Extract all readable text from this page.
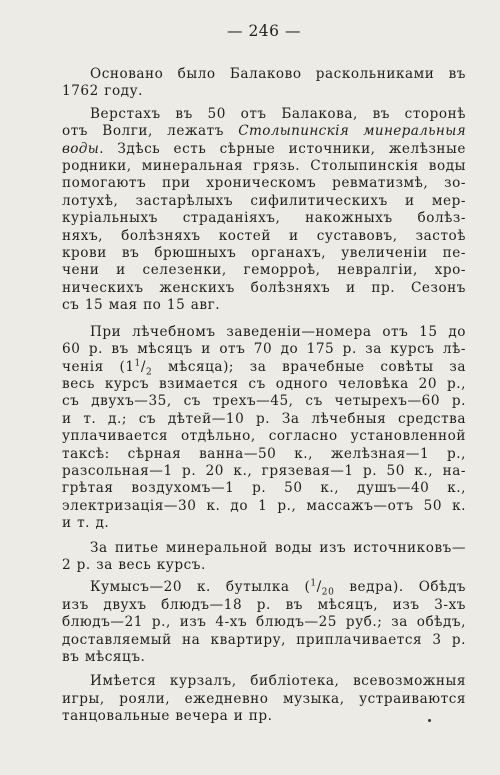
— 246 —

Основано было Балаково раскольниками въ
1762 году.

Верстахъ въ 50 отъ Балакова, въ сторонѣ
отъ Волги, лежатъ Столыпинскія минеральныя
воды. Здѣсь есть сѣрные источники, желѣзные
родники, минеральная грязь. Столыпинскія воды
помогаютъ при хроническомъ ревматизмѣ, зо-
лотухѣ, застарѣлыхъ сифилитическихъ и мер-
куріальныхъ страданіяхъ, накожныхъ болѣз-
няхъ, болѣзняхъ костей и суставовъ, застоѣ
крови въ брюшныхъ органахъ, увеличеніи пе-
чени и селезенки, геморроѣ, невралгіи, хро-
ническихъ женскихъ болѣзняхъ и пр. Сезонъ
съ 15 мая по 15 авг.

При лѣчебномъ заведеніи—номера отъ 15 до
60 р. въ мѣсяцъ и отъ 70 до 175 р. за курсъ лѣ-
ченія ($1^1/_2$ мѣсяца); за врачебные совѣты за
весь курсъ взимается съ одного человѣка 20 р.,
съ двухъ—35, съ трехъ—45, съ четырехъ—60 р.
и т. д.; съ дѣтей—10 р. За лѣчебныя средства
уплачивается отдѣльно, согласно установленной
таксѣ: сѣрная ванна—50 к., желѣзная—1 р.,
разсольная—1 р. 20 к., грязевая—1 р. 50 к., на-
грѣтая воздухомъ—1 р. 50 к., душъ—40 к.,
электризація—30 к. до 1 р., массажъ—отъ 50 к.
и т. д.

За питье минеральной воды изъ источниковъ—
2 р. за весь курсъ.

Кумысъ—20 к. бутылка ($^1/_{20}$ ведра). Обѣдъ
изъ двухъ блюдъ—18 р. въ мѣсяцъ, изъ 3-хъ
блюдъ—21 р., изъ 4-хъ блюдъ—25 руб.; за обѣдъ,
доставляемый на квартиру, приплачивается 3 р.
въ мѣсяцъ.

Имѣется курзалъ, библіотека, всевозможныя
игры, рояли, ежедневно музыка, устраиваются
танцовальные вечера и пр.
